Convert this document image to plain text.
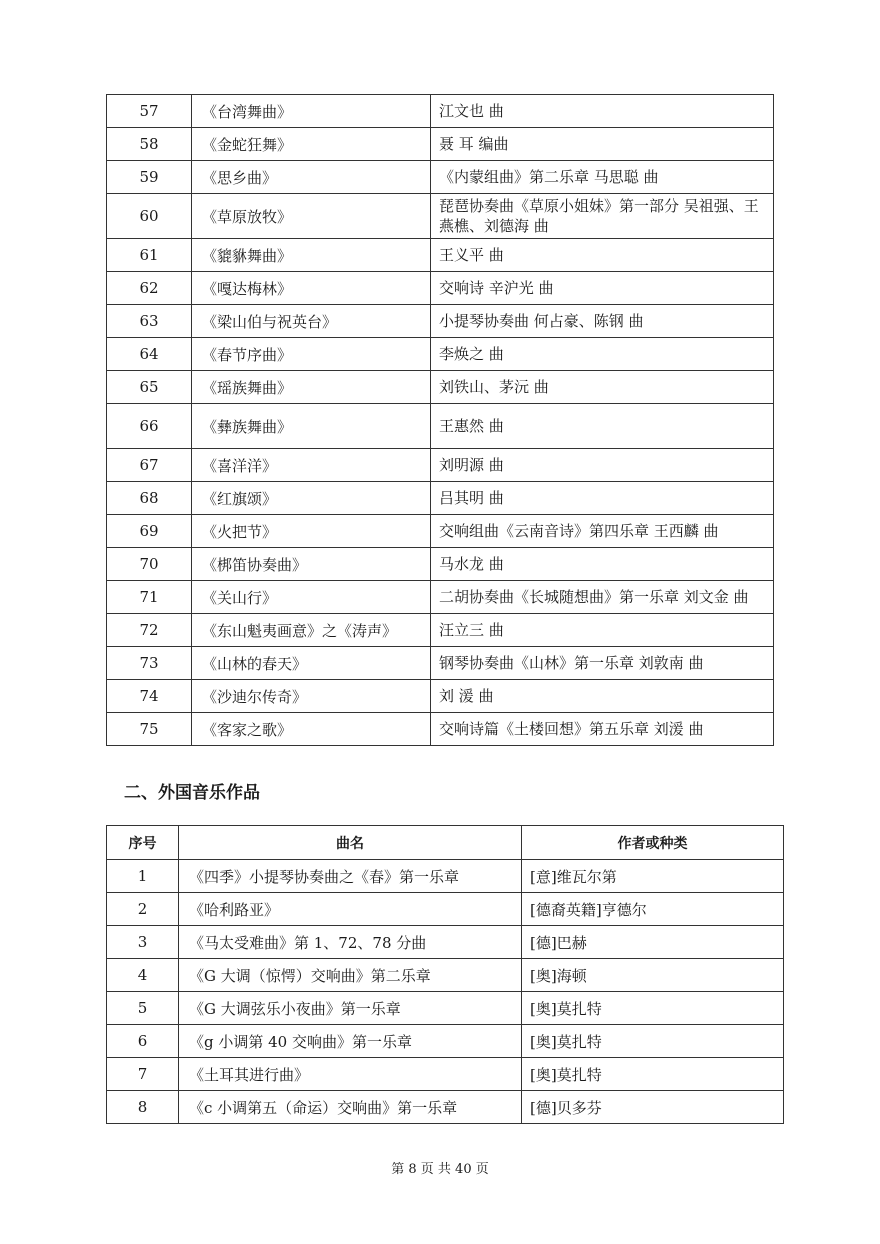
57	《台湾舞曲》	江文也 曲
58	《金蛇狂舞》	聂 耳 编曲
59	《思乡曲》	《内蒙组曲》第二乐章 马思聪 曲
60	《草原放牧》	琵琶协奏曲《草原小姐妹》第一部分 吴祖强、王燕樵、刘德海 曲
61	《貔貅舞曲》	王义平 曲
62	《嘎达梅林》	交响诗 辛沪光 曲
63	《梁山伯与祝英台》	小提琴协奏曲 何占豪、陈钢 曲
64	《春节序曲》	李焕之 曲
65	《瑶族舞曲》	刘铁山、茅沅 曲
66	《彝族舞曲》	王惠然 曲
67	《喜洋洋》	刘明源 曲
68	《红旗颂》	吕其明 曲
69	《火把节》	交响组曲《云南音诗》第四乐章 王西麟 曲
70	《梆笛协奏曲》	马水龙 曲
71	《关山行》	二胡协奏曲《长城随想曲》第一乐章 刘文金 曲
72	《东山魁夷画意》之《涛声》	汪立三 曲
73	《山林的春天》	钢琴协奏曲《山林》第一乐章 刘敦南 曲
74	《沙迪尔传奇》	刘 湲 曲
75	《客家之歌》	交响诗篇《土楼回想》第五乐章 刘湲 曲
二、外国音乐作品
序号	曲名	作者或种类
1	《四季》小提琴协奏曲之《春》第一乐章	[意]维瓦尔第
2	《哈利路亚》	[德裔英籍]亨德尔
3	《马太受难曲》第 1、72、78 分曲	[德]巴赫
4	《G 大调（惊愕）交响曲》第二乐章	[奥]海顿
5	《G 大调弦乐小夜曲》第一乐章	[奥]莫扎特
6	《g 小调第 40 交响曲》第一乐章	[奥]莫扎特
7	《土耳其进行曲》	[奥]莫扎特
8	《c 小调第五（命运）交响曲》第一乐章	[德]贝多芬
第 8 页 共 40 页
